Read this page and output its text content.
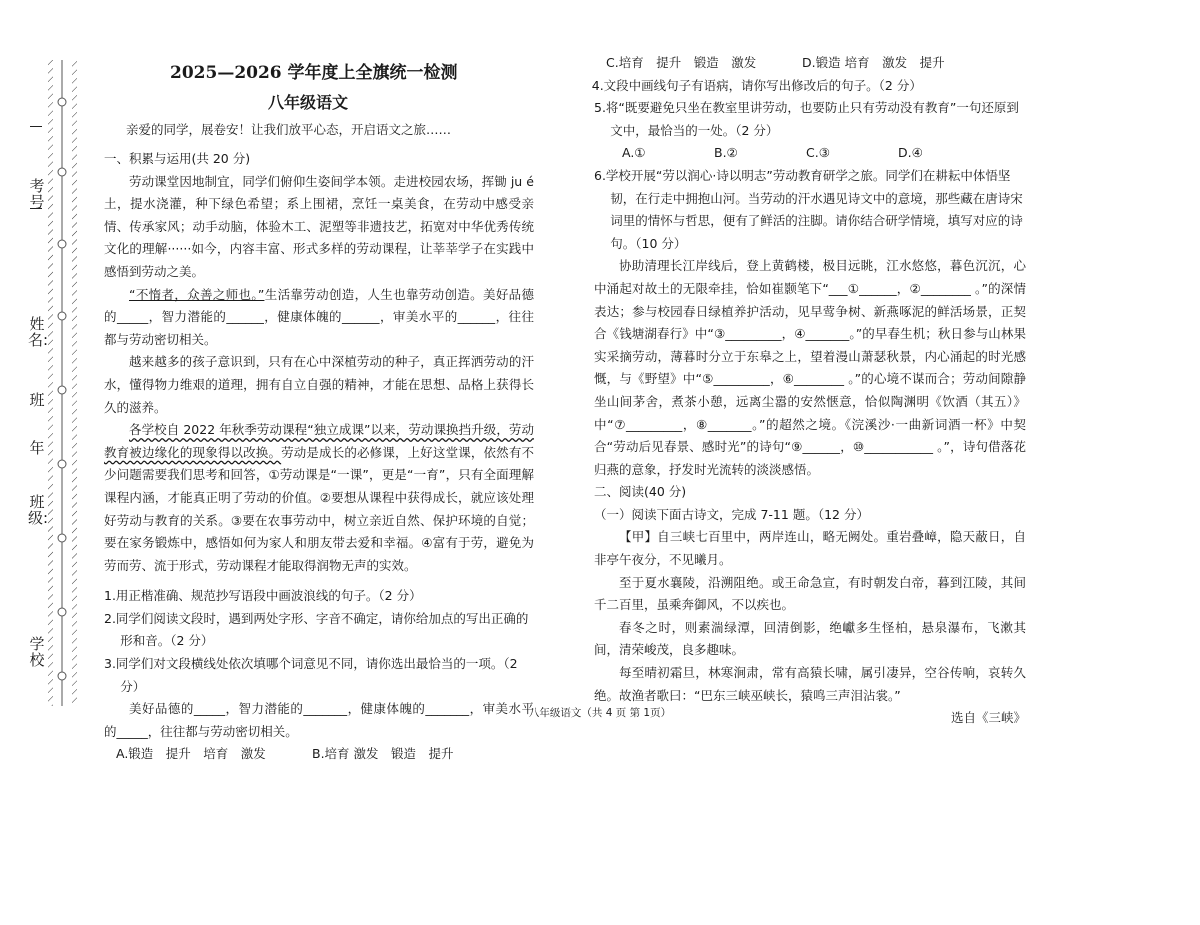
考号
姓名:
班
年
班级:
学校
2025—2026 学年度上全旗统一检测
八年级语文
亲爱的同学，展卷安！让我们放平心态，开启语文之旅……

一、积累与运用(共 20 分)

劳动课堂因地制宜，同学们俯仰生姿间学本领。走进校园农场，挥锄 ju é 土，提水浇灌，种下绿色希望；系上围裙，烹饪一桌美食，在劳动中感受亲情、传承家风；动手动脑，体验木工、泥塑等非遗技艺，拓宽对中华优秀传统文化的理解······如今，内容丰富、形式多样的劳动课程，让莘莘学子在实践中感悟到劳动之美。

“不惰者，众善之师也。”生活靠劳动创造，人生也靠劳动创造。美好品德的_____，智力潜能的______，健康体魄的______，审美水平的______，往往都与劳动密切相关。

越来越多的孩子意识到，只有在心中深植劳动的种子，真正挥洒劳动的汗水，懂得物力维艰的道理，拥有自立自强的精神，才能在思想、品格上获得长久的滋养。

各学校自 2022 年秋季劳动课程“独立成课”以来，劳动课换挡升级，劳动教育被边缘化的现象得以改换。劳动是成长的必修课，上好这堂课，依然有不少问题需要我们思考和回答，①劳动课是“一课”，更是“一育”，只有全面理解课程内涵，才能真正明了劳动的价值。②要想从课程中获得成长，就应该处理好劳动与教育的关系。③要在农事劳动中，树立亲近自然、保护环境的自觉；要在家务锻炼中，感悟如何为家人和朋友带去爱和幸福。④富有于劳，避免为劳而劳、流于形式，劳动课程才能取得润物无声的实效。

1.用正楷准确、规范抄写语段中画波浪线的句子。（2 分）

2.同学们阅读文段时，遇到两处字形、字音不确定，请你给加点的写出正确的形和音。（2 分）

3.同学们对文段横线处依次填哪个词意见不同，请你选出最恰当的一项。（2 分）

美好品德的_____，智力潜能的_______，健康体魄的_______，审美水平的_____，往往都与劳动密切相关。

A.锻造　提升　培育　激发	B.培育 激发　锻造　提升

C.培育　提升　锻造　激发	D.锻造 培育　激发　提升

4.文段中画线句子有语病，请你写出修改后的句子。（2 分）

5.将“既要避免只坐在教室里讲劳动，也要防止只有劳动没有教育”一句还原到文中，最恰当的一处。（2 分）

A.①	B.②	C.③	D.④

6.学校开展“劳以润心·诗以明志”劳动教育研学之旅。同学们在耕耘中体悟坚韧，在行走中拥抱山河。当劳动的汗水遇见诗文中的意境，那些藏在唐诗宋词里的情怀与哲思，便有了鲜活的注脚。请你结合研学情境，填写对应的诗句。（10 分）

协助清理长江岸线后，登上黄鹤楼，极目远眺，江水悠悠，暮色沉沉，心中涌起对故土的无限牵挂，恰如崔颢笔下“___①______，②________ 。”的深情表达；参与校园春日绿植养护活动，见早莺争树、新燕啄泥的鲜活场景，正契合《钱塘湖春行》中“③_________，④_______。”的早春生机；秋日参与山林果实采摘劳动，薄暮时分立于东皋之上，望着漫山萧瑟秋景，内心涌起的时光感慨，与《野望》中“⑤_________，⑥________ 。”的心境不谋而合；劳动间隙静坐山间茅舍，煮茶小憩，远离尘嚣的安然惬意，恰似陶渊明《饮酒（其五）》中“⑦_________，⑧_______。”的超然之境。《浣溪沙·一曲新词酒一杯》中契合“劳动后见春景、感时光”的诗句“⑨______，⑩___________ 。”，诗句借落花归燕的意象，抒发时光流转的淡淡感悟。

二、阅读(40 分)

（一）阅读下面古诗文，完成 7-11 题。（12 分）

【甲】自三峡七百里中，两岸连山，略无阙处。重岩叠嶂，隐天蔽日，自非亭午夜分，不见曦月。

至于夏水襄陵，沿溯阻绝。或王命急宣，有时朝发白帝，暮到江陵，其间千二百里，虽乘奔御风，不以疾也。

春冬之时，则素湍绿潭，回清倒影，绝巘多生怪柏，悬泉瀑布，飞漱其间，清荣峻茂，良多趣味。

每至晴初霜旦，林寒涧肃，常有高猿长啸，属引凄异，空谷传响，哀转久绝。故渔者歌曰：“巴东三峡巫峡长，猿鸣三声泪沾裳。”

选自《三峡》

八年级语文（共 4 页 第 1页）
